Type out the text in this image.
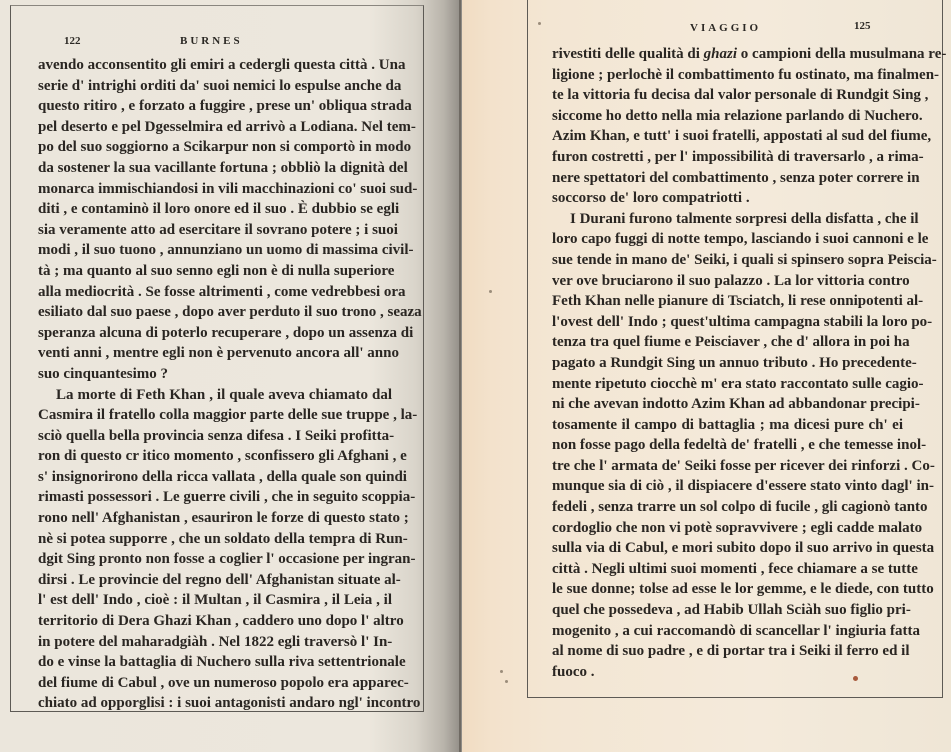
122	BURNES
VIAGGIO	125
avendo acconsentito gli emiri a cedergli questa città . Una
serie d' intrighi orditi da' suoi nemici lo espulse anche da
questo ritiro , e forzato a fuggire , prese un' obliqua strada
pel deserto e pel Dgesselmira ed arrivò a Lodiana. Nel tem-
po del suo soggiorno a Scikarpur non si comportò in modo
da sostener la sua vacillante fortuna ; obbliò la dignità del
monarca immischiandosi in vili macchinazioni co' suoi sud-
diti , e contaminò il loro onore ed il suo . È dubbio se egli
sia veramente atto ad esercitare il sovrano potere ; i suoi
modi , il suo tuono , annunziano un uomo di massima civil-
tà ; ma quanto al suo senno egli non è di nulla superiore
alla mediocrità . Se fosse altrimenti , come vedrebbesi ora
esiliato dal suo paese , dopo aver perduto il suo trono , seaza
speranza alcuna di poterlo recuperare , dopo un assenza di
venti anni , mentre egli non è pervenuto ancora all' anno
suo cinquantesimo ?
La morte di Feth Khan , il quale aveva chiamato dal
Casmira il fratello colla maggior parte delle sue truppe , la-
sciò quella bella provincia senza difesa . I Seiki profitta-
ron di questo cr itico momento , sconfissero gli Afghani , e
s' insignorirono della ricca vallata , della quale son quindi
rimasti possessori . Le guerre civili , che in seguito scoppia-
rono nell' Afghanistan , esauriron le forze di questo stato ;
nè si potea supporre , che un soldato della tempra di Run-
dgit Sing pronto non fosse a coglier l' occasione per ingran-
dirsi . Le provincie del regno dell' Afghanistan situate al-
l' est dell' Indo , cioè : il Multan , il Casmira , il Leia , il
territorio di Dera Ghazi Khan , caddero uno dopo l' altro
in potere del maharadgiàh . Nel 1822 egli traversò l' In-
do e vinse la battaglia di Nuchero sulla riva settentrionale
del fiume di Cabul , ove un numeroso popolo era apparec-
chiato ad opporglisi : i suoi antagonisti andaro ngl' incontro
rivestiti delle qualità di ghazi o campioni della musulmana re-
ligione ; perlochè il combattimento fu ostinato, ma finalmen-
te la vittoria fu decisa dal valor personale di Rundgit Sing ,
siccome ho detto nella mia relazione parlando di Nuchero.
Azim Khan, e tutt' i suoi fratelli, appostati al sud del fiume,
furon costretti , per l' impossibilità di traversarlo , a rima-
nere spettatori del combattimento , senza poter correre in
soccorso de' loro compatriotti .
I Durani furono talmente sorpresi della disfatta , che il
loro capo fuggi di notte tempo, lasciando i suoi cannoni e le
sue tende in mano de' Seiki, i quali si spinsero sopra Peiscia-
ver ove bruciarono il suo palazzo . La lor vittoria contro
Feth Khan nelle pianure di Tsciatch, li rese onnipotenti al-
l'ovest dell' Indo ; quest'ultima campagna stabili la loro po-
tenza tra quel fiume e Peisciaver , che d' allora in poi ha
pagato a Rundgit Sing un annuo tributo . Ho precedente-
mente ripetuto ciocchè m' era stato raccontato sulle cagio-
ni che avevan indotto Azim Khan ad abbandonar precipi-
tosamente il campo di battaglia ; ma dicesi pure ch' ei
non fosse pago della fedeltà de' fratelli , e che temesse inol-
tre che l' armata de' Seiki fosse per ricever dei rinforzi . Co-
munque sia di ciò , il dispiacere d'essere stato vinto dagl' in-
fedeli , senza trarre un sol colpo di fucile , gli cagionò tanto
cordoglio che non vi potè sopravvivere ; egli cadde malato
sulla via di Cabul, e mori subito dopo il suo arrivo in questa
città . Negli ultimi suoi momenti , fece chiamare a se tutte
le sue donne; tolse ad esse le lor gemme, e le diede, con tutto
quel che possedeva , ad Habib Ullah Sciàh suo figlio pri-
mogenito , a cui raccomandò di scancellar l' ingiuria fatta
al nome di suo padre , e di portar tra i Seiki il ferro ed il
fuoco .
